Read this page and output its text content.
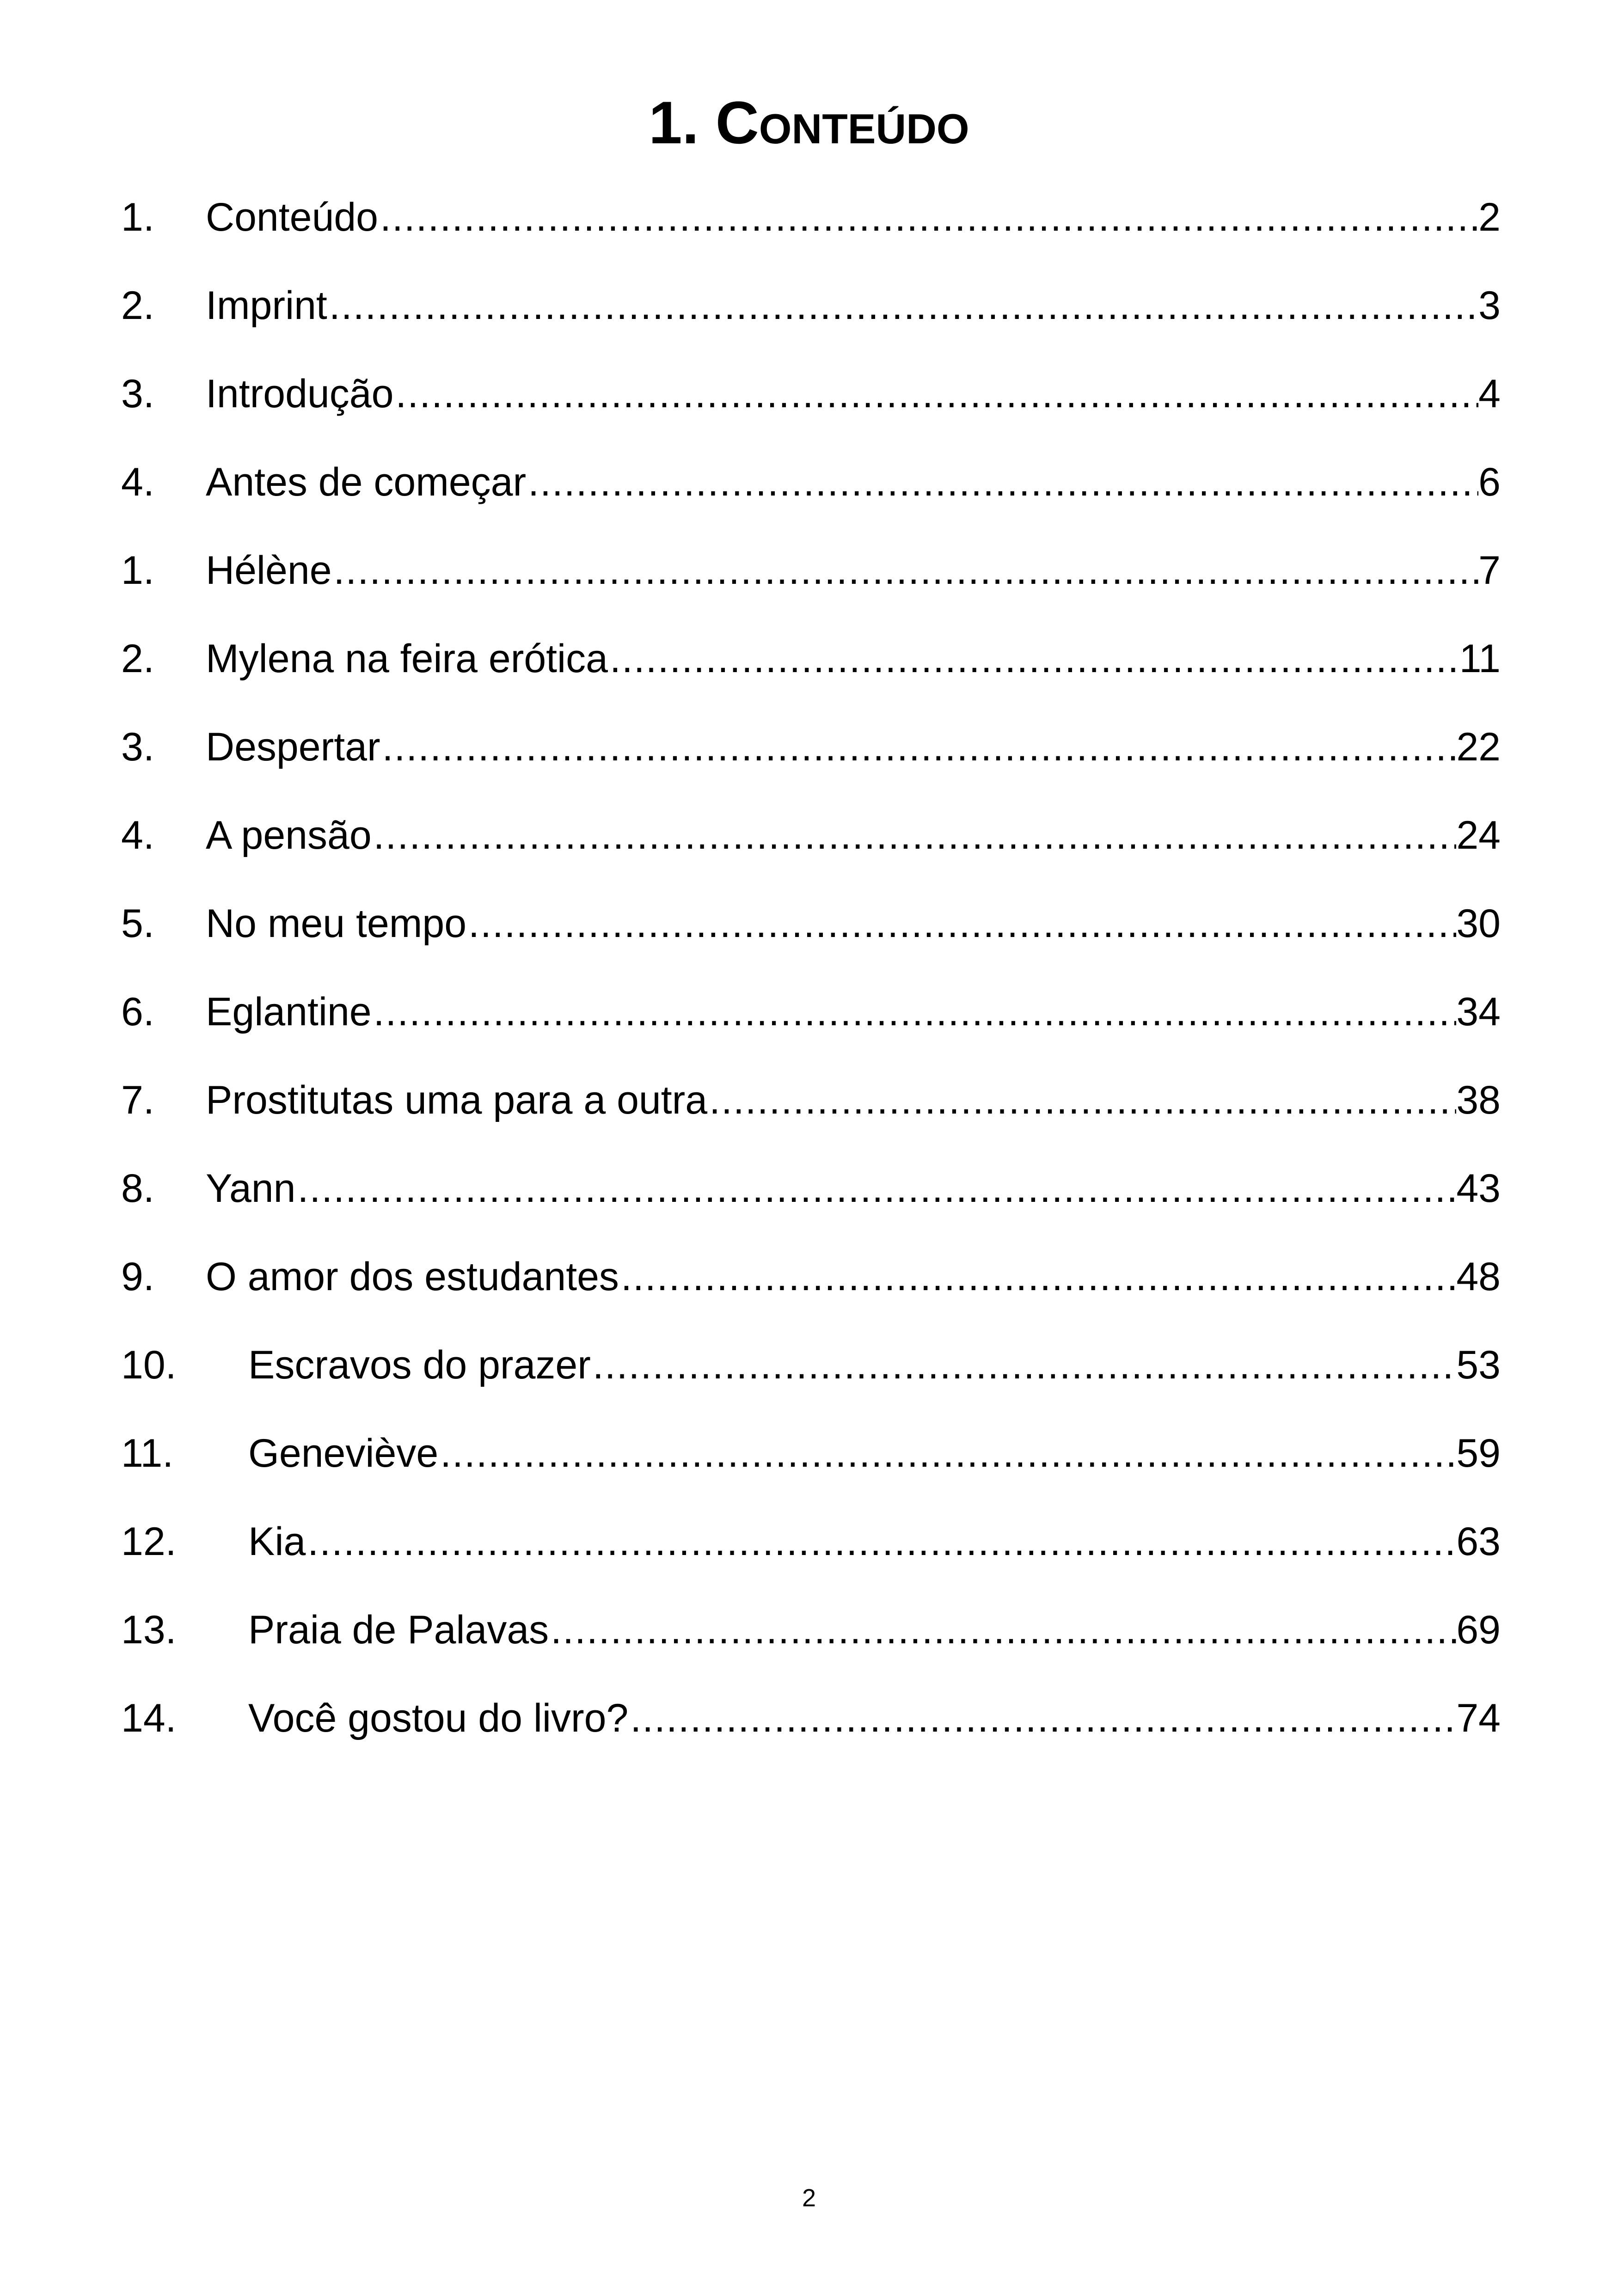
1. Conteúdo
1. Conteúdo .....	2
2. Imprint .....	3
3. Introdução .....	4
4. Antes de começar .....	6
1. Hélène .....	7
2. Mylena na feira erótica .....	11
3. Despertar .....	22
4. A pensão .....	24
5. No meu tempo .....	30
6. Eglantine .....	34
7. Prostitutas uma para a outra .....	38
8. Yann .....	43
9. O amor dos estudantes .....	48
10. Escravos do prazer .....	53
11. Geneviève .....	59
12. Kia .....	63
13. Praia de Palavas .....	69
14. Você gostou do livro? .....	74
2
